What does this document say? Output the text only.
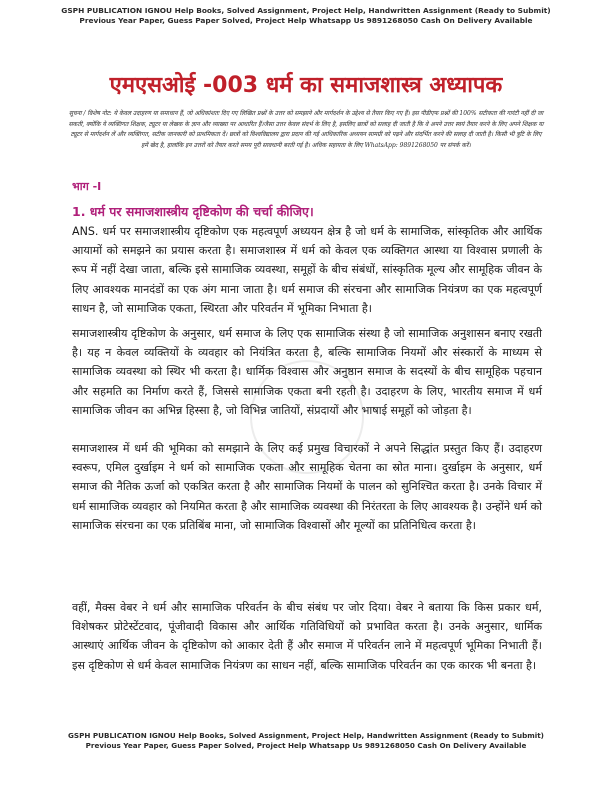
GSPH PUBLICATION IGNOU Help Books, Solved Assignment, Project Help, Handwritten Assignment (Ready to Submit)
Previous Year Paper, Guess Paper Solved, Project Help Whatsapp Us 9891268050 Cash On Delivery Available
एमएसओई -003 धर्म का समाजशास्त्र अध्यापक
सूचना / विशेष नोट: ये केवल उदाहरण या समाधान हैं, जो अधिकांशतः दिए गए लिखित प्रश्नों के उत्तर को समझाने और मार्गदर्शन के उद्देश्य से तैयार किए गए हैं। इस पीडीएफ प्रश्नों की 100% सटीकता की गारंटी नहीं दी जा सकती, क्योंकि ये व्यक्तिगत शिक्षक, ट्यूटर या लेखक के ज्ञान और व्याख्या पर आधारित हैं।जैसा उत्तर केवल संदर्भ के लिए है, इसलिए छात्रों को सलाह दी जाती है कि वे अपने उत्तर स्वयं तैयार करने के लिए अपने शिक्षक या ट्यूटर से मार्गदर्शन लें और व्यक्तिगत, सटीक जानकारी को प्राथमिकता दें। छात्रों को विश्वविद्यालय द्वारा प्रदान की गई आधिकारिक अध्ययन सामग्री को पढ़ने और संदर्भित करने की सलाह दी जाती है। किसी भी त्रुटि के लिए हमें खेद है, हालांकि इन उत्तरों को तैयार करते समय पूरी सावधानी बरती गई है। अधिक सहायता के लिए WhatsApp: 9891268050 पर संपर्क करें।
भाग -I
1. धर्म पर समाजशास्त्रीय दृष्टिकोण की चर्चा कीजिए।
ANS. धर्म पर समाजशास्त्रीय दृष्टिकोण एक महत्वपूर्ण अध्ययन क्षेत्र है जो धर्म के सामाजिक, सांस्कृतिक और आर्थिक आयामों को समझने का प्रयास करता है। समाजशास्त्र में धर्म को केवल एक व्यक्तिगत आस्था या विश्वास प्रणाली के रूप में नहीं देखा जाता, बल्कि इसे सामाजिक व्यवस्था, समूहों के बीच संबंधों, सांस्कृतिक मूल्य और सामूहिक जीवन के लिए आवश्यक मानदंडों का एक अंग माना जाता है। धर्म समाज की संरचना और सामाजिक नियंत्रण का एक महत्वपूर्ण साधन है, जो सामाजिक एकता, स्थिरता और परिवर्तन में भूमिका निभाता है।
समाजशास्त्रीय दृष्टिकोण के अनुसार, धर्म समाज के लिए एक सामाजिक संस्था है जो सामाजिक अनुशासन बनाए रखती है। यह न केवल व्यक्तियों के व्यवहार को नियंत्रित करता है, बल्कि सामाजिक नियमों और संस्कारों के माध्यम से सामाजिक व्यवस्था को स्थिर भी करता है। धार्मिक विश्वास और अनुष्ठान समाज के सदस्यों के बीच सामूहिक पहचान और सहमति का निर्माण करते हैं, जिससे सामाजिक एकता बनी रहती है। उदाहरण के लिए, भारतीय समाज में धर्म सामाजिक जीवन का अभिन्न हिस्सा है, जो विभिन्न जातियों, संप्रदायों और भाषाई समूहों को जोड़ता है।
समाजशास्त्र में धर्म की भूमिका को समझाने के लिए कई प्रमुख विचारकों ने अपने सिद्धांत प्रस्तुत किए हैं। उदाहरण स्वरूप, एमिल दुर्खाइम ने धर्म को सामाजिक एकता और सामूहिक चेतना का स्रोत माना। दुर्खाइम के अनुसार, धर्म समाज की नैतिक ऊर्जा को एकत्रित करता है और सामाजिक नियमों के पालन को सुनिश्चित करता है। उनके विचार में धर्म सामाजिक व्यवहार को नियमित करता है और सामाजिक व्यवस्था की निरंतरता के लिए आवश्यक है। उन्होंने धर्म को सामाजिक संरचना का एक प्रतिबिंब माना, जो सामाजिक विश्वासों और मूल्यों का प्रतिनिधित्व करता है।
वहीं, मैक्स वेबर ने धर्म और सामाजिक परिवर्तन के बीच संबंध पर जोर दिया। वेबर ने बताया कि किस प्रकार धर्म, विशेषकर प्रोटेस्टेंटवाद, पूंजीवादी विकास और आर्थिक गतिविधियों को प्रभावित करता है। उनके अनुसार, धार्मिक आस्थाएं आर्थिक जीवन के दृष्टिकोण को आकार देती हैं और समाज में परिवर्तन लाने में महत्वपूर्ण भूमिका निभाती हैं। इस दृष्टिकोण से धर्म केवल सामाजिक नियंत्रण का साधन नहीं, बल्कि सामाजिक परिवर्तन का एक कारक भी बनता है।
GSPH PUBLICATION IGNOU Help Books, Solved Assignment, Project Help, Handwritten Assignment (Ready to Submit)
Previous Year Paper, Guess Paper Solved, Project Help Whatsapp Us 9891268050 Cash On Delivery Available
